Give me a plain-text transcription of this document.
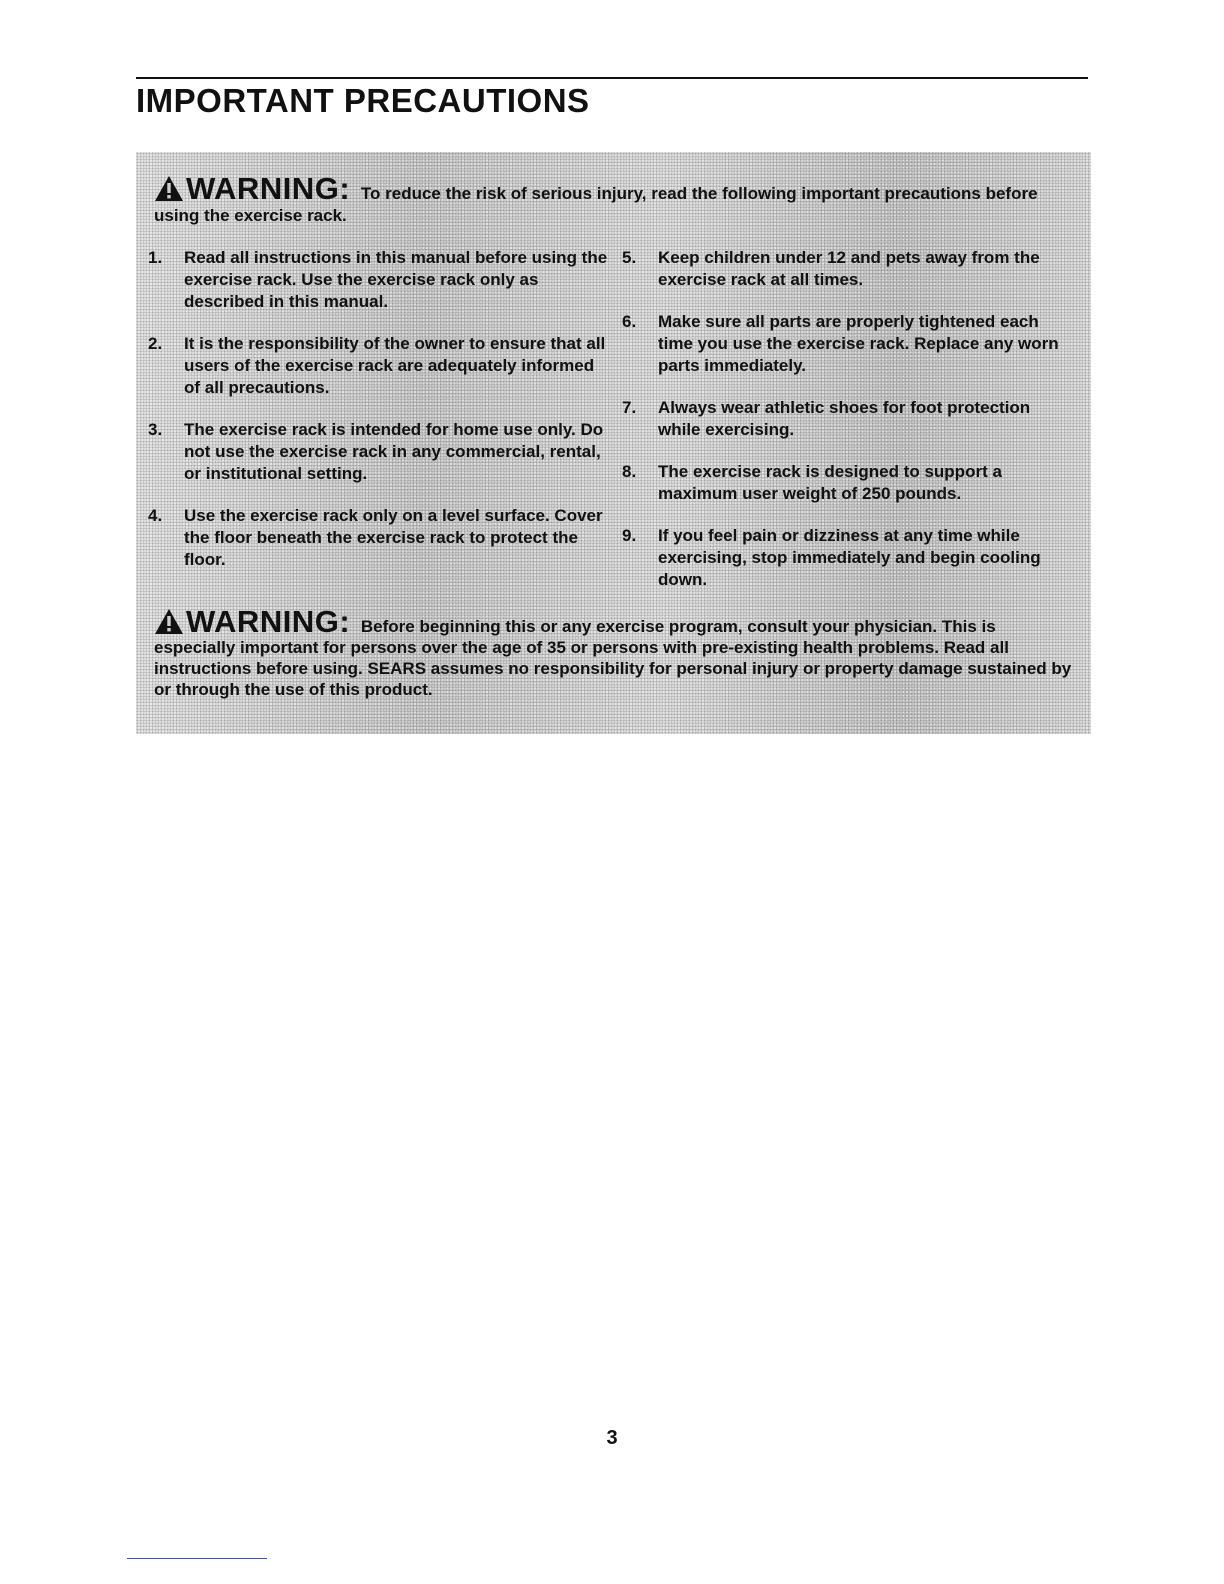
IMPORTANT PRECAUTIONS
WARNING: To reduce the risk of serious injury, read the following important precautions before using the exercise rack.
1.	Read all instructions in this manual before using the exercise rack. Use the exercise rack only as described in this manual.
2.	It is the responsibility of the owner to ensure that all users of the exercise rack are adequately informed of all precautions.
3.	The exercise rack is intended for home use only. Do not use the exercise rack in any commercial, rental, or institutional setting.
4.	Use the exercise rack only on a level surface. Cover the floor beneath the exercise rack to protect the floor.
5.	Keep children under 12 and pets away from the exercise rack at all times.
6.	Make sure all parts are properly tightened each time you use the exercise rack. Replace any worn parts immediately.
7.	Always wear athletic shoes for foot protection while exercising.
8.	The exercise rack is designed to support a maximum user weight of 250 pounds.
9.	If you feel pain or dizziness at any time while exercising, stop immediately and begin cooling down.
WARNING: Before beginning this or any exercise program, consult your physician. This is especially important for persons over the age of 35 or persons with pre-existing health problems. Read all instructions before using. SEARS assumes no responsibility for personal injury or property damage sustained by or through the use of this product.
3
